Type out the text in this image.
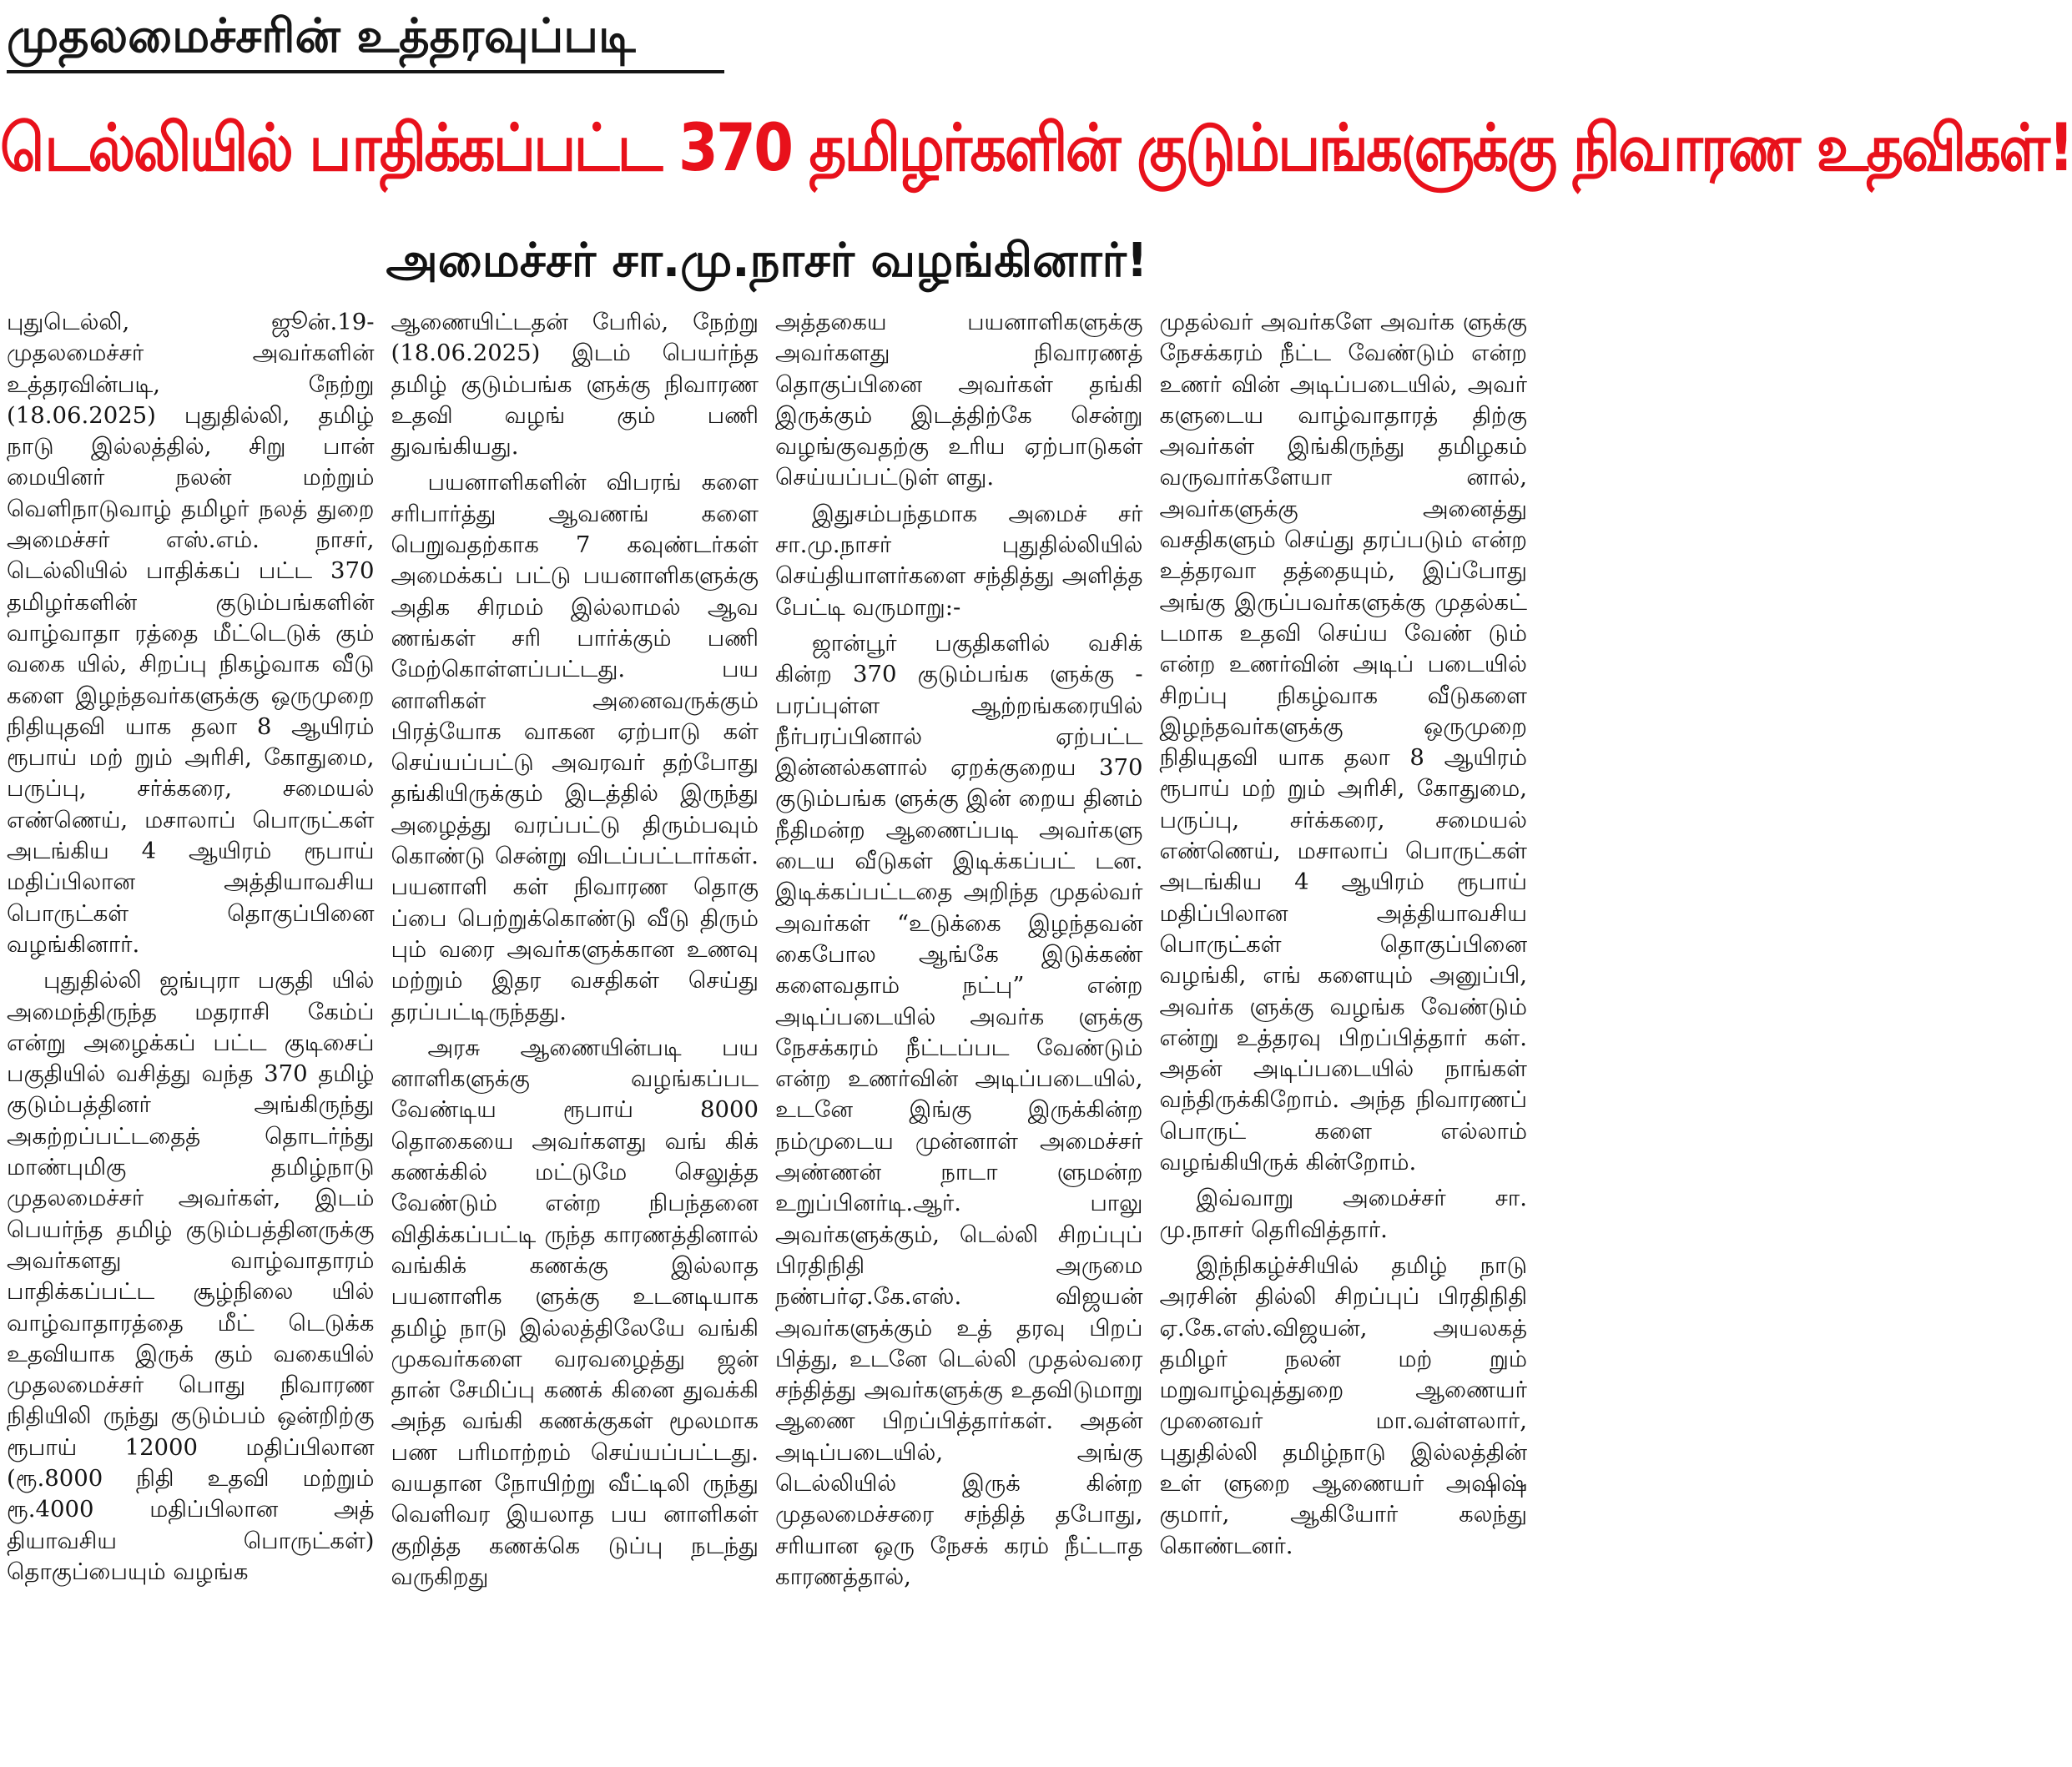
முதலமைச்சரின் உத்தரவுப்படி
டெல்லியில் பாதிக்கப்பட்ட 370 தமிழர்களின் குடும்பங்களுக்கு நிவாரண உதவிகள்!
அமைச்சர் சா.மு.நாசர் வழங்கினார்!

புதுடெல்லி, ஜூன்.19- முதலமைச்சர் அவர்களின் உத்தரவின்படி, நேற்று (18.06.2025) புதுதில்லி, தமிழ் நாடு இல்லத்தில், சிறு பான் மையினர் நலன் மற்றும் வெளிநாடுவாழ் தமிழர் நலத் துறை அமைச்சர் எஸ்.எம். நாசர், டெல்லியில் பாதிக்கப் பட்ட 370 தமிழர்களின் குடும்பங்களின் வாழ்வாதா ரத்தை மீட்டெடுக் கும் வகை யில், சிறப்பு நிகழ்வாக வீடு களை இழந்தவர்களுக்கு ஒருமுறை நிதியுதவி யாக தலா 8 ஆயிரம் ரூபாய் மற் றும் அரிசி, கோதுமை, பருப்பு, சர்க்கரை, சமையல் எண்ணெய், மசாலாப் பொருட்கள் அடங்கிய 4 ஆயிரம் ரூபாய் மதிப்பிலான அத்தியாவசிய பொருட்கள் தொகுப்பினை வழங்கினார்.

புதுதில்லி ஜங்புரா பகுதி யில் அமைந்திருந்த மதராசி கேம்ப் என்று அழைக்கப் பட்ட குடிசைப் பகுதியில் வசித்து வந்த 370 தமிழ் குடும்பத்தினர் அங்கிருந்து அகற்றப்பட்டதைத் தொடர்ந்து மாண்புமிகு தமிழ்நாடு முதலமைச்சர் அவர்கள், இடம் பெயர்ந்த தமிழ் குடும்பத்தினருக்கு அவர்களது வாழ்வாதாரம் பாதிக்கப்பட்ட சூழ்நிலை யில் வாழ்வாதாரத்தை மீட் டெடுக்க உதவியாக இருக் கும் வகையில் முதலமைச்சர் பொது நிவாரண நிதியிலி ருந்து குடும்பம் ஒன்றிற்கு ரூபாய் 12000 மதிப்பிலான (ரூ.8000 நிதி உதவி மற்றும் ரூ.4000 மதிப்பிலான அத் தியாவசிய பொருட்கள்) தொகுப்பையும் வழங்க

ஆணையிட்டதன் பேரில், நேற்று (18.06.2025) இடம் பெயர்ந்த தமிழ் குடும்பங்க ளுக்கு நிவாரண உதவி வழங் கும் பணி துவங்கியது.

பயனாளிகளின் விபரங் களை சரிபார்த்து ஆவணங் களை பெறுவதற்காக 7 கவுண்டர்கள் அமைக்கப் பட்டு பயனாளிகளுக்கு அதிக சிரமம் இல்லாமல் ஆவ ணங்கள் சரி பார்க்கும் பணி மேற்கொள்ளப்பட்டது. பய னாளிகள் அனைவருக்கும் பிரத்யோக வாகன ஏற்பாடு கள் செய்யப்பட்டு அவரவர் தற்போது தங்கியிருக்கும் இடத்தில் இருந்து அழைத்து வரப்பட்டு திரும்பவும் கொண்டு சென்று விடப்பட்டார்கள். பயனாளி கள் நிவாரண தொகு ப்பை பெற்றுக்கொண்டு வீடு திரும் பும் வரை அவர்களுக்கான உணவு மற்றும் இதர வசதிகள் செய்து தரப்பட்டிருந்தது.

அரசு ஆணையின்படி பய னாளிகளுக்கு வழங்கப்பட வேண்டிய ரூபாய் 8000 தொகையை அவர்களது வங் கிக் கணக்கில் மட்டுமே செலுத்த வேண்டும் என்ற நிபந்தனை விதிக்கப்பட்டி ருந்த காரணத்தினால் வங்கிக் கணக்கு இல்லாத பயனாளிக ளுக்கு உடனடியாக தமிழ் நாடு இல்லத்திலேயே வங்கி முகவர்களை வரவழைத்து ஜன் தான் சேமிப்பு கணக் கினை துவக்கி அந்த வங்கி கணக்குகள் மூலமாக பண பரிமாற்றம் செய்யப்பட்டது. வயதான நோயிற்று வீட்டிலி ருந்து வெளிவர இயலாத பய னாளிகள் குறித்த கணக்கெ டுப்பு நடந்து வருகிறது

அத்தகைய பயனாளிகளுக்கு அவர்களது நிவாரணத் தொகுப்பினை அவர்கள் தங்கி இருக்கும் இடத்திற்கே சென்று வழங்குவதற்கு உரிய ஏற்பாடுகள் செய்யப்பட்டுள் ளது.

இதுசம்பந்தமாக அமைச் சர் சா.மு.நாசர் புதுதில்லியில் செய்தியாளர்களை சந்தித்து அளித்த பேட்டி வருமாறு:-

ஜான்பூர் பகுதிகளில் வசிக் கின்ற 370 குடும்பங்க ளுக்கு - பரப்புள்ள ஆற்றங்கரையில் நீர்பரப்பினால் ஏற்பட்ட இன்னல்களால் ஏறக்குறைய 370 குடும்பங்க ளுக்கு இன் றைய தினம் நீதிமன்ற ஆணைப்படி அவர்களு டைய வீடுகள் இடிக்கப்பட் டன. இடிக்கப்பட்டதை அறிந்த முதல்வர் அவர்கள் “உடுக்கை இழந்தவன் கைபோல ஆங்கே இடுக்கண் களைவதாம் நட்பு” என்ற அடிப்படையில் அவர்க ளுக்கு நேசக்கரம் நீட்டப்பட வேண்டும் என்ற உணர்வின் அடிப்படையில், உடனே இங்கு இருக்கின்ற நம்முடைய முன்னாள் அமைச்சர் அண்ணன் நாடா ளுமன்ற உறுப்பினர்டி.ஆர். பாலு அவர்களுக்கும், டெல்லி சிறப்புப் பிரதிநிதி அருமை நண்பர்ஏ.கே.எஸ். விஜயன் அவர்களுக்கும் உத் தரவு பிறப் பித்து, உடனே டெல்லி முதல்வரை சந்தித்து அவர்களுக்கு உதவிடுமாறு ஆணை பிறப்பித்தார்கள். அதன் அடிப்படையில், அங்கு டெல்லியில் இருக் கின்ற முதலமைச்சரை சந்தித் தபோது, சரியான ஒரு நேசக் கரம் நீட்டாத காரணத்தால்,

முதல்வர் அவர்களே அவர்க ளுக்கு நேசக்கரம் நீட்ட வேண்டும் என்ற உணர் வின் அடிப்படையில், அவர் களுடைய வாழ்வாதாரத் திற்கு அவர்கள் இங்கிருந்து தமிழகம் வருவார்களேயா னால், அவர்களுக்கு அனைத்து வசதிகளும் செய்து தரப்படும் என்ற உத்தரவா தத்தையும், இப்போது அங்கு இருப்பவர்களுக்கு முதல்கட் டமாக உதவி செய்ய வேண் டும் என்ற உணர்வின் அடிப் படையில் சிறப்பு நிகழ்வாக வீடுகளை இழந்தவர்களுக்கு ஒருமுறை நிதியுதவி யாக தலா 8 ஆயிரம் ரூபாய் மற் றும் அரிசி, கோதுமை, பருப்பு, சர்க்கரை, சமையல் எண்ணெய், மசாலாப் பொருட்கள் அடங்கிய 4 ஆயிரம் ரூபாய் மதிப்பிலான அத்தியாவசிய பொருட்கள் தொகுப்பினை வழங்கி, எங் களையும் அனுப்பி, அவர்க ளுக்கு வழங்க வேண்டும் என்று உத்தரவு பிறப்பித்தார் கள். அதன் அடிப்படையில் நாங்கள் வந்திருக்கிறோம். அந்த நிவாரணப் பொருட் களை எல்லாம் வழங்கியிருக் கின்றோம்.

இவ்வாறு அமைச்சர் சா. மு.நாசர் தெரிவித்தார்.

இந்நிகழ்ச்சியில் தமிழ் நாடு அரசின் தில்லி சிறப்புப் பிரதிநிதி ஏ.கே.எஸ்.விஜயன், அயலகத் தமிழர் நலன் மற் றும் மறுவாழ்வுத்துறை ஆணையர் முனைவர் மா.வள்ளலார், புதுதில்லி தமிழ்நாடு இல்லத்தின் உள் ளுறை ஆணையர் அஷிஷ் குமார், ஆகியோர் கலந்து கொண்டனர்.
